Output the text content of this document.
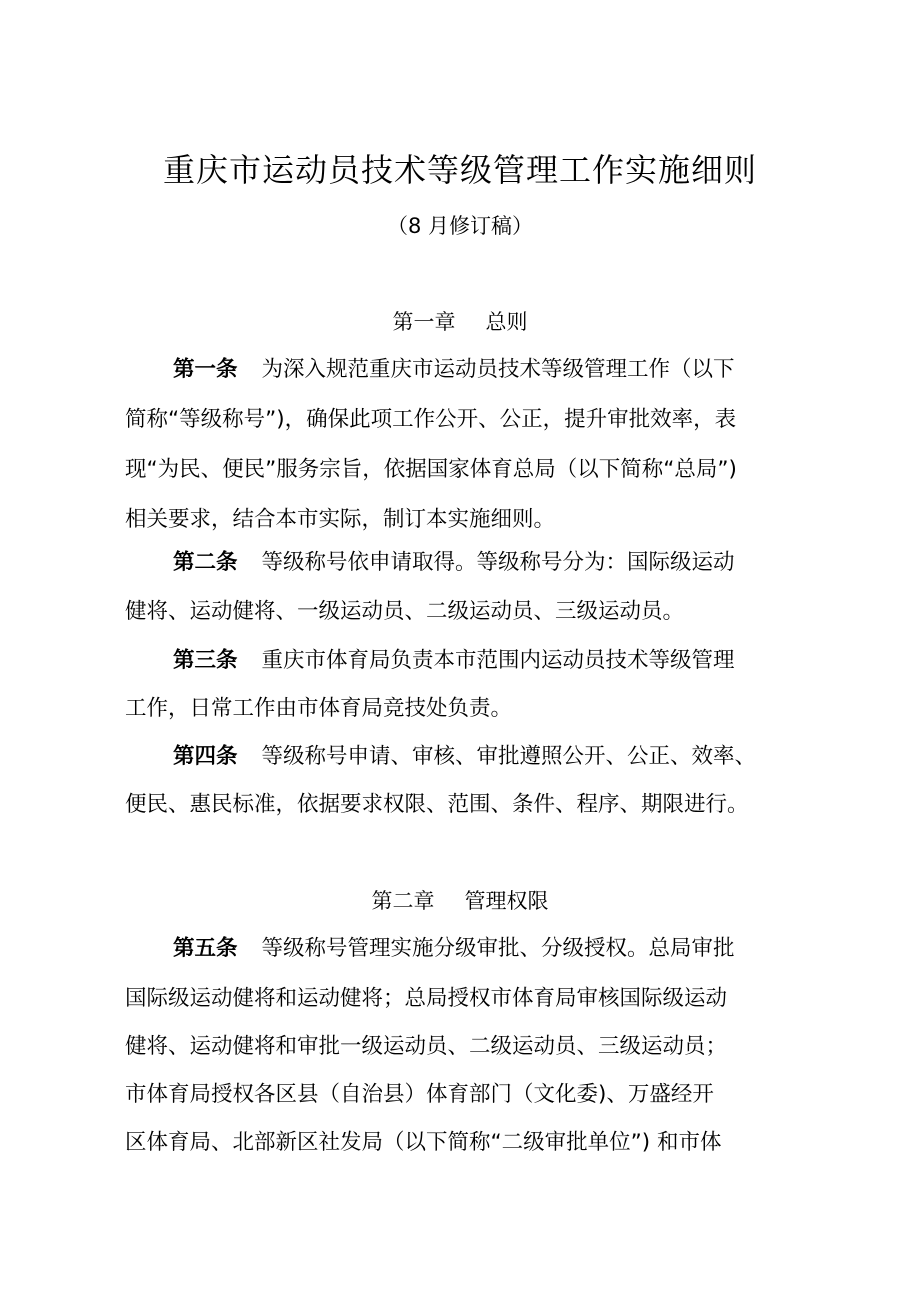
重庆市运动员技术等级管理工作实施细则
（8 月修订稿）
第一章 总则
第一条 为深入规范重庆市运动员技术等级管理工作（以下
简称“等级称号”)，确保此项工作公开、公正，提升审批效率，表
现“为民、便民”服务宗旨，依据国家体育总局（以下简称“总局”)
相关要求，结合本市实际，制订本实施细则。
第二条 等级称号依申请取得。等级称号分为：国际级运动
健将、运动健将、一级运动员、二级运动员、三级运动员。
第三条 重庆市体育局负责本市范围内运动员技术等级管理
工作，日常工作由市体育局竞技处负责。
第四条 等级称号申请、审核、审批遵照公开、公正、效率、
便民、惠民标准，依据要求权限、范围、条件、程序、期限进行。
第二章 管理权限
第五条 等级称号管理实施分级审批、分级授权。总局审批
国际级运动健将和运动健将；总局授权市体育局审核国际级运动
健将、运动健将和审批一级运动员、二级运动员、三级运动员；
市体育局授权各区县（自治县）体育部门（文化委)、万盛经开
区体育局、北部新区社发局（以下简称“二级审批单位”) 和市体
